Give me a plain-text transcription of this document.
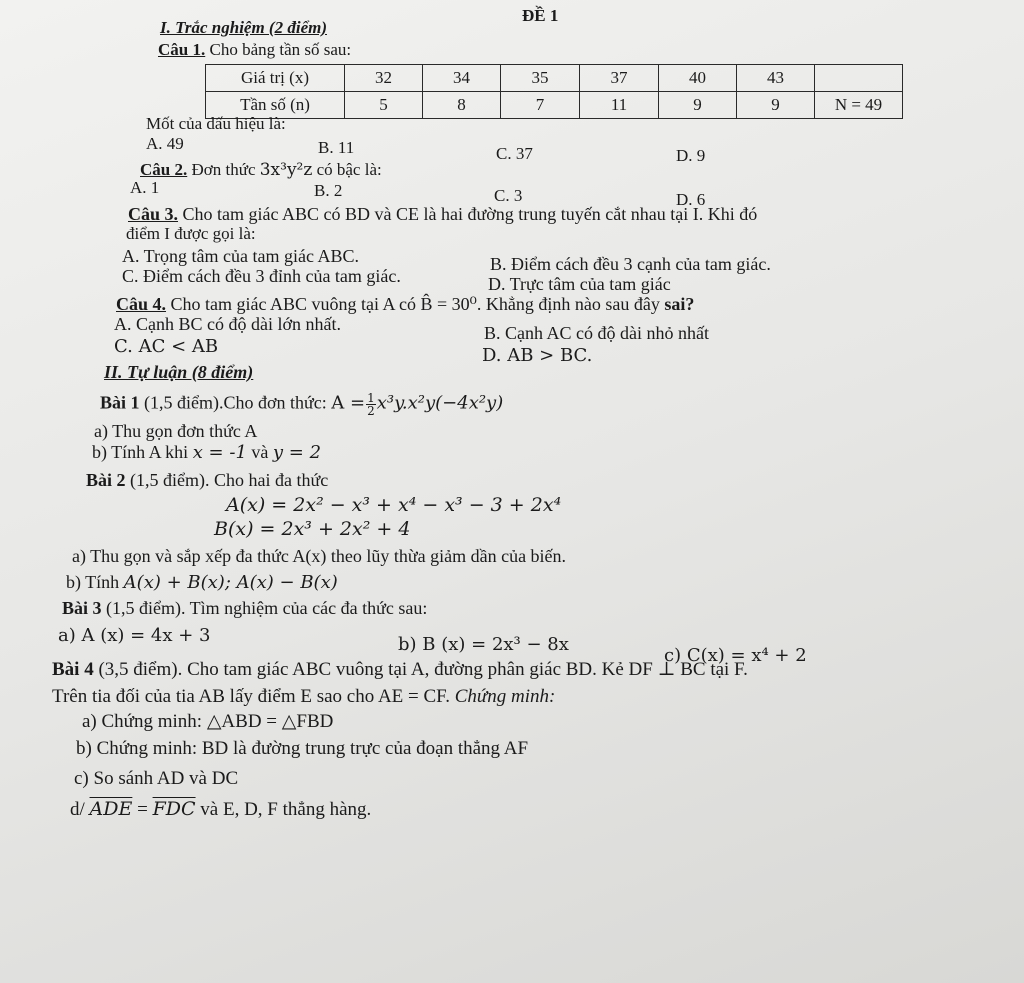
ĐỀ 1
I. Trắc nghiệm (2 điểm)
Câu 1. Cho bảng tần số sau:
Giá trị (x)	32	34	35	37	40	43	
Tần số (n)	5	8	7	11	9	9	N = 49
Mốt của dấu hiệu là:
A. 49	B. 11	C. 37	D. 9
Câu 2. Đơn thức 3x³y²z có bậc là:
A. 1	B. 2	C. 3	D. 6
Câu 3. Cho tam giác ABC có BD và CE là hai đường trung tuyến cắt nhau tại I. Khi đó
điểm I được gọi là:
A. Trọng tâm của tam giác ABC.	B. Điểm cách đều 3 cạnh của tam giác.
C. Điểm cách đều 3 đỉnh của tam giác.	D. Trực tâm của tam giác
Câu 4. Cho tam giác ABC vuông tại A có B̂ = 30⁰. Khẳng định nào sau đây sai?
A. Cạnh BC có độ dài lớn nhất.	B. Cạnh AC có độ dài nhỏ nhất
C. AC < AB	D. AB > BC.
II. Tự luận (8 điểm)
Bài 1 (1,5 điểm).Cho đơn thức: $A = \frac{1}{2} x^3y.x^2y(-4x^2y)$
a) Thu gọn đơn thức A
b) Tính A khi x = -1 và y = 2
Bài 2 (1,5 điểm). Cho hai đa thức
A(x) = 2x² − x³ + x⁴ − x³ − 3 + 2x⁴
B(x) = 2x³ + 2x² + 4
a) Thu gọn và sắp xếp đa thức A(x) theo lũy thừa giảm dần của biến.
b) Tính A(x) + B(x); A(x) − B(x)
Bài 3 (1,5 điểm). Tìm nghiệm của các đa thức sau:
a) A (x) = 4x + 3	b) B (x) = 2x³ − 8x
c) C(x) = x⁴ + 2
Bài 4 (3,5 điểm). Cho tam giác ABC vuông tại A, đường phân giác BD. Kẻ DF ⊥ BC tại F.
Trên tia đối của tia AB lấy điểm E sao cho AE = CF. Chứng minh:
a) Chứng minh: △ABD = △FBD
b) Chứng minh: BD là đường trung trực của đoạn thẳng AF
c) So sánh AD và DC
d/ $\overline{ADE} = \overline{FDC}$ và E, D, F thẳng hàng.
